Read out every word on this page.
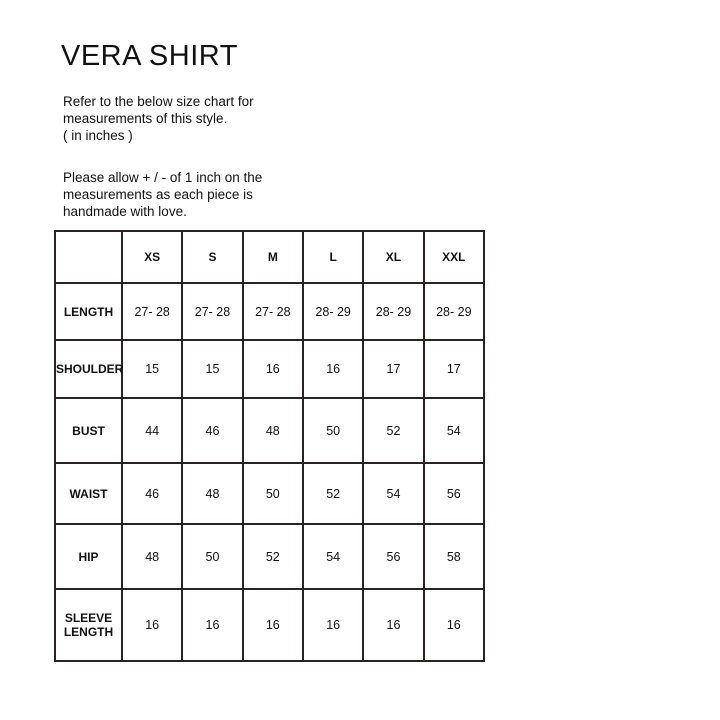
VERA SHIRT

Refer to the below size chart for
measurements of this style.
( in inches )

Please allow + / - of 1 inch on the
measurements as each piece is
handmade with love.

	XS	S	M	L	XL	XXL
LENGTH	27- 28	27- 28	27- 28	28- 29	28- 29	28- 29
SHOULDER	15	15	16	16	17	17
BUST	44	46	48	50	52	54
WAIST	46	48	50	52	54	56
HIP	48	50	52	54	56	58
SLEEVE LENGTH	16	16	16	16	16	16
